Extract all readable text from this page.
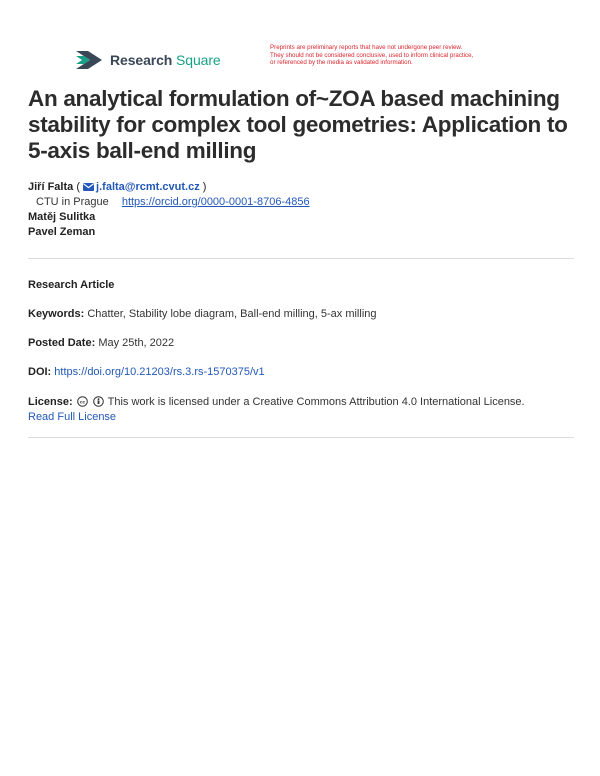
Research Square
Preprints are preliminary reports that have not undergone peer review.
They should not be considered conclusive, used to inform clinical practice,
or referenced by the media as validated information.
An analytical formulation of~ZOA based machining stability for complex tool geometries: Application to 5-axis ball-end milling
Jiří Falta ( j.falta@rcmt.cvut.cz )
CTU in Prague https://orcid.org/0000-0001-8706-4856
Matěj Sulitka
Pavel Zeman
Research Article
Keywords: Chatter, Stability lobe diagram, Ball-end milling, 5-ax milling
Posted Date: May 25th, 2022
DOI: https://doi.org/10.21203/rs.3.rs-1570375/v1
License: cc This work is licensed under a Creative Commons Attribution 4.0 International License.
Read Full License
